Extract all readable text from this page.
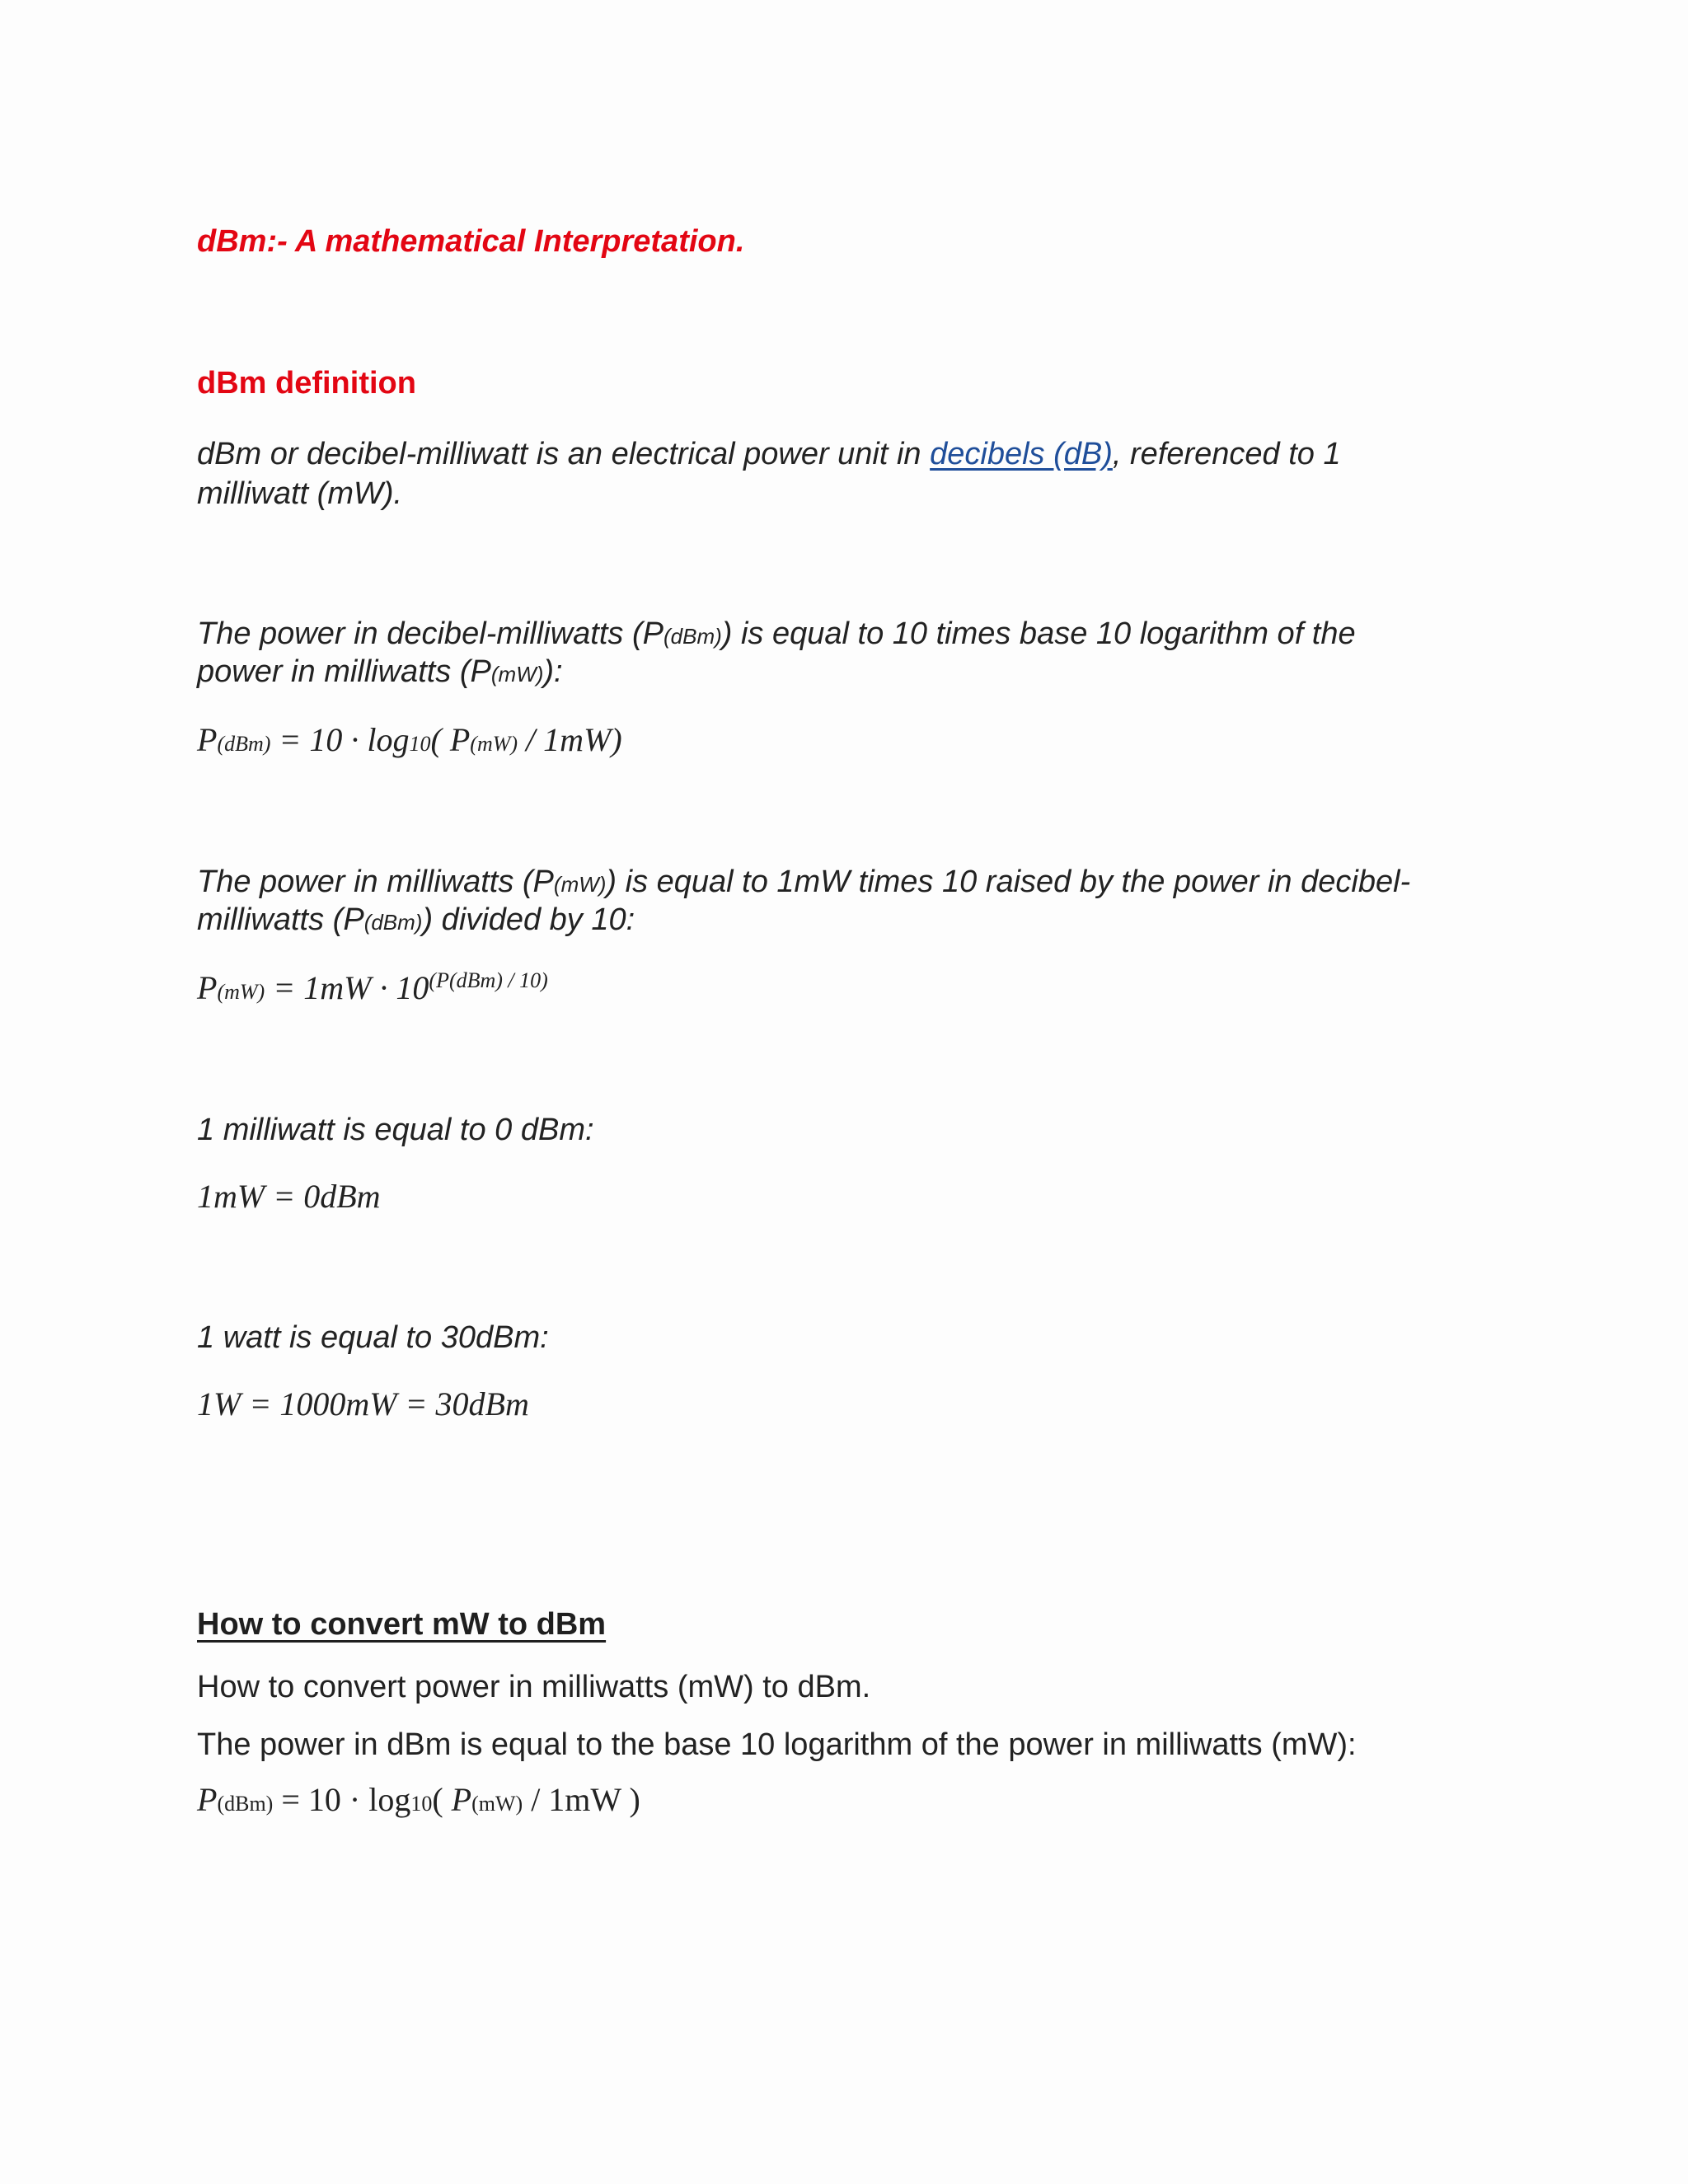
dBm:- A mathematical Interpretation.

dBm definition

dBm or decibel-milliwatt is an electrical power unit in decibels (dB), referenced to 1

milliwatt (mW).

The power in decibel-milliwatts (P(dBm)) is equal to 10 times base 10 logarithm of the

power in milliwatts (P(mW)):

P(dBm) = 10 · log10( P(mW) / 1mW)

The power in milliwatts (P(mW)) is equal to 1mW times 10 raised by the power in decibel-

milliwatts (P(dBm)) divided by 10:

$P(mW) = 1mW \cdot 10^{(P(dBm) / 10)}$

1 milliwatt is equal to 0 dBm:

1mW = 0dBm

1 watt is equal to 30dBm:

1W = 1000mW = 30dBm

How to convert mW to dBm

How to convert power in milliwatts (mW) to dBm.

The power in dBm is equal to the base 10 logarithm of the power in milliwatts (mW):

P(dBm) = 10 · log10( P(mW) / 1mW )
